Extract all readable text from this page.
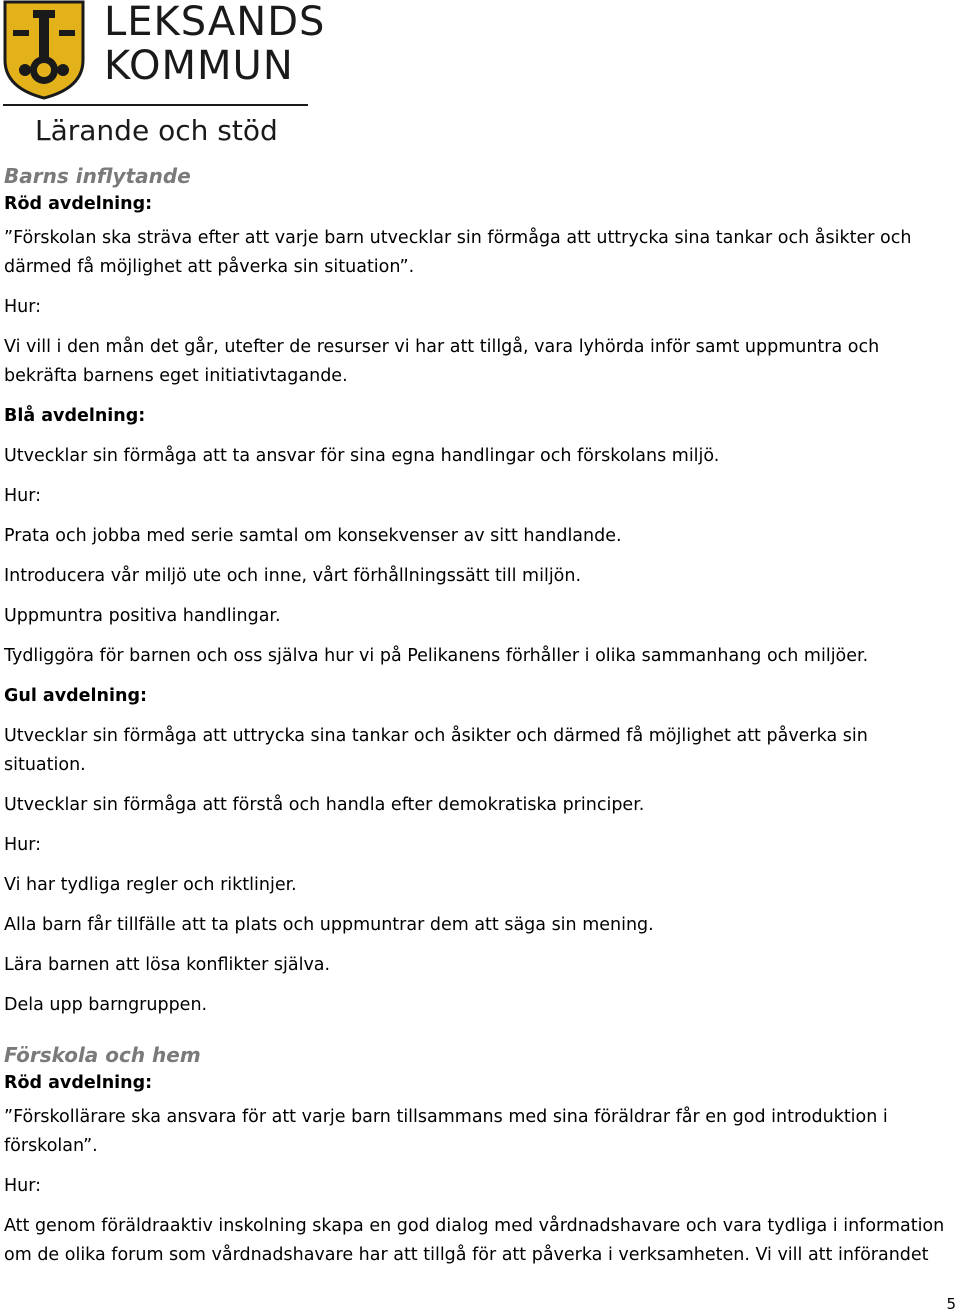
LEKSANDS
KOMMUN
Lärande och stöd
Barns inflytande

Röd avdelning:

”Förskolan ska sträva efter att varje barn utvecklar sin förmåga att uttrycka sina tankar och åsikter och därmed få möjlighet att påverka sin situation”.

Hur:

Vi vill i den mån det går, utefter de resurser vi har att tillgå, vara lyhörda inför samt uppmuntra och bekräfta barnens eget initiativtagande.

Blå avdelning:

Utvecklar sin förmåga att ta ansvar för sina egna handlingar och förskolans miljö.

Hur:

Prata och jobba med serie samtal om konsekvenser av sitt handlande.

Introducera vår miljö ute och inne, vårt förhållningssätt till miljön.

Uppmuntra positiva handlingar.

Tydliggöra för barnen och oss själva hur vi på Pelikanens förhåller i olika sammanhang och miljöer.

Gul avdelning:

Utvecklar sin förmåga att uttrycka sina tankar och åsikter och därmed få möjlighet att påverka sin situation.

Utvecklar sin förmåga att förstå och handla efter demokratiska principer.

Hur:

Vi har tydliga regler och riktlinjer.

Alla barn får tillfälle att ta plats och uppmuntrar dem att säga sin mening.

Lära barnen att lösa konflikter själva.

Dela upp barngruppen.

Förskola och hem

Röd avdelning:

”Förskollärare ska ansvara för att varje barn tillsammans med sina föräldrar får en god introduktion i förskolan”.

Hur:

Att genom föräldraaktiv inskolning skapa en god dialog med vårdnadshavare och vara tydliga i information om de olika forum som vårdnadshavare har att tillgå för att påverka i verksamheten. Vi vill att införandet

5
